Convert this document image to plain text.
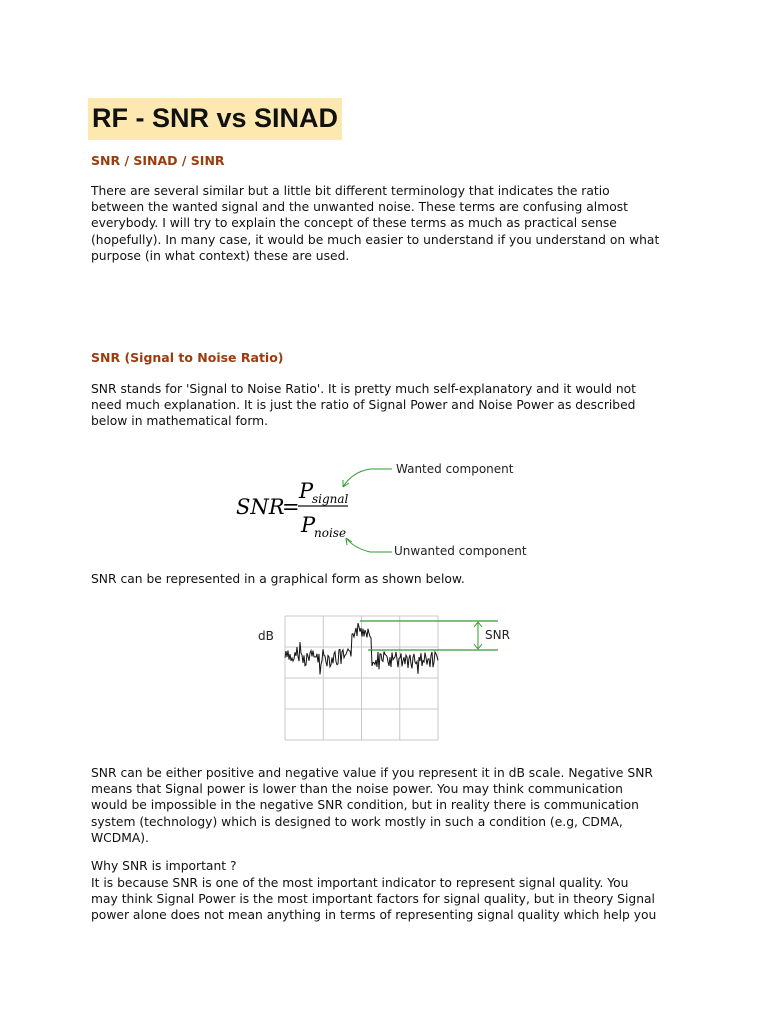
RF - SNR vs SINAD
SNR / SINAD / SINR

There are several similar but a little bit different terminology that indicates the ratio
between the wanted signal and the unwanted noise. These terms are confusing almost
everybody. I will try to explain the concept of these terms as much as practical sense
(hopefully). In many case, it would be much easier to understand if you understand on what
purpose (in what context) these are used.

SNR (Signal to Noise Ratio)

SNR stands for 'Signal to Noise Ratio'. It is pretty much self-explanatory and it would not
need much explanation. It is just the ratio of Signal Power and Noise Power as described
below in mathematical form.

SNR
=
P
signal
P
noise
Wanted component
Unwanted component

SNR can be represented in a graphical form as shown below.

dB	SNR

SNR can be either positive and negative value if you represent it in dB scale. Negative SNR
means that Signal power is lower than the noise power. You may think communication
would be impossible in the negative SNR condition, but in reality there is communication
system (technology) which is designed to work mostly in such a condition (e.g, CDMA,
WCDMA).

Why SNR is important ?

It is because SNR is one of the most important indicator to represent signal quality. You
may think Signal Power is the most important factors for signal quality, but in theory Signal
power alone does not mean anything in terms of representing signal quality which help you
